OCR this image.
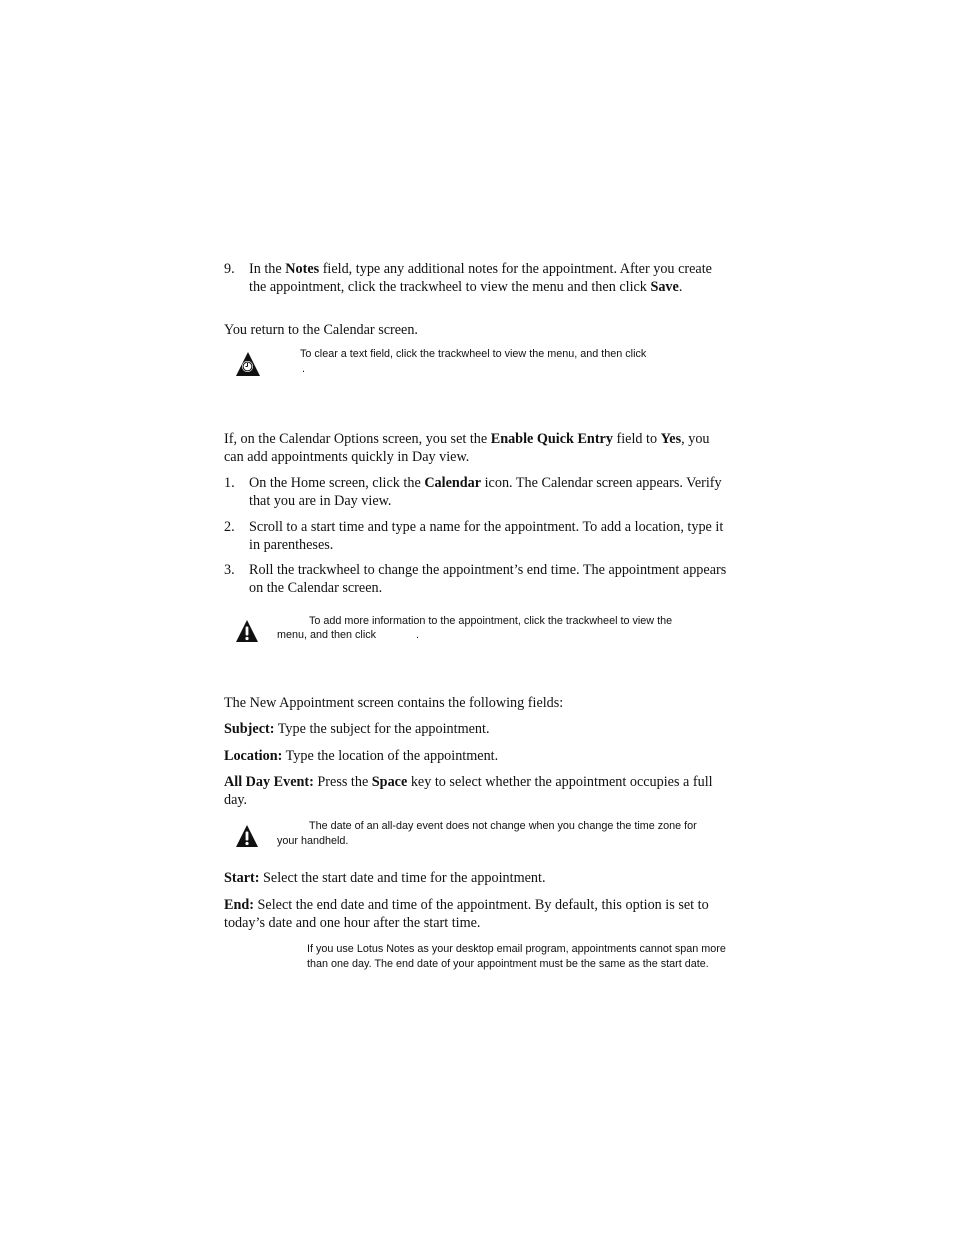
9. In the Notes field, type any additional notes for the appointment. After you create the appointment, click the trackwheel to view the menu and then click Save.
You return to the Calendar screen.
To clear a text field, click the trackwheel to view the menu, and then click
.
If, on the Calendar Options screen, you set the Enable Quick Entry field to Yes, you can add appointments quickly in Day view.
1. On the Home screen, click the Calendar icon. The Calendar screen appears. Verify that you are in Day view.
2. Scroll to a start time and type a name for the appointment. To add a location, type it in parentheses.
3. Roll the trackwheel to change the appointment’s end time. The appointment appears on the Calendar screen.
To add more information to the appointment, click the trackwheel to view the
menu, and then click	.
The New Appointment screen contains the following fields:
Subject: Type the subject for the appointment.
Location: Type the location of the appointment.
All Day Event: Press the Space key to select whether the appointment occupies a full day.
The date of an all-day event does not change when you change the time zone for
your handheld.
Start: Select the start date and time for the appointment.
End: Select the end date and time of the appointment. By default, this option is set to today’s date and one hour after the start time.
If you use Lotus Notes as your desktop email program, appointments cannot span more than one day. The end date of your appointment must be the same as the start date.
